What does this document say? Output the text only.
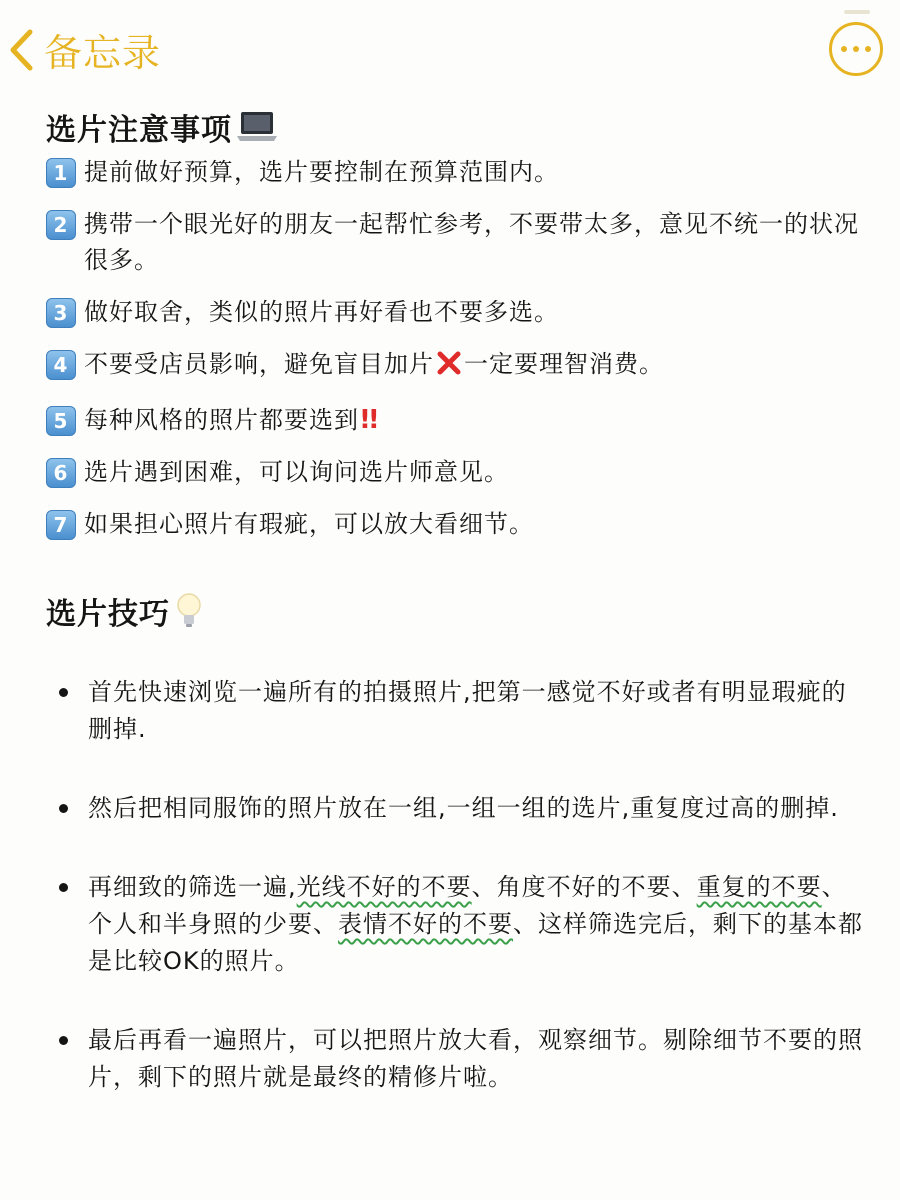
备忘录
选片注意事项
1 提前做好预算，选片要控制在预算范围内。
2 携带一个眼光好的朋友一起帮忙参考，不要带太多，意见不统一的状况很多。
3 做好取舍，类似的照片再好看也不要多选。
4 不要受店员影响，避免盲目加片 一定要理智消费。
5 每种风格的照片都要选到!!
6 选片遇到困难，可以询问选片师意见。
7 如果担心照片有瑕疵，可以放大看细节。
选片技巧
首先快速浏览一遍所有的拍摄照片,把第一感觉不好或者有明显瑕疵的删掉.
然后把相同服饰的照片放在一组,一组一组的选片,重复度过高的删掉.
再细致的筛选一遍,光线不好的不要、角度不好的不要、重复的不要、个人和半身照的少要、表情不好的不要、这样筛选完后，剩下的基本都是比较OK的照片。
最后再看一遍照片，可以把照片放大看，观察细节。剔除细节不要的照片，剩下的照片就是最终的精修片啦。
